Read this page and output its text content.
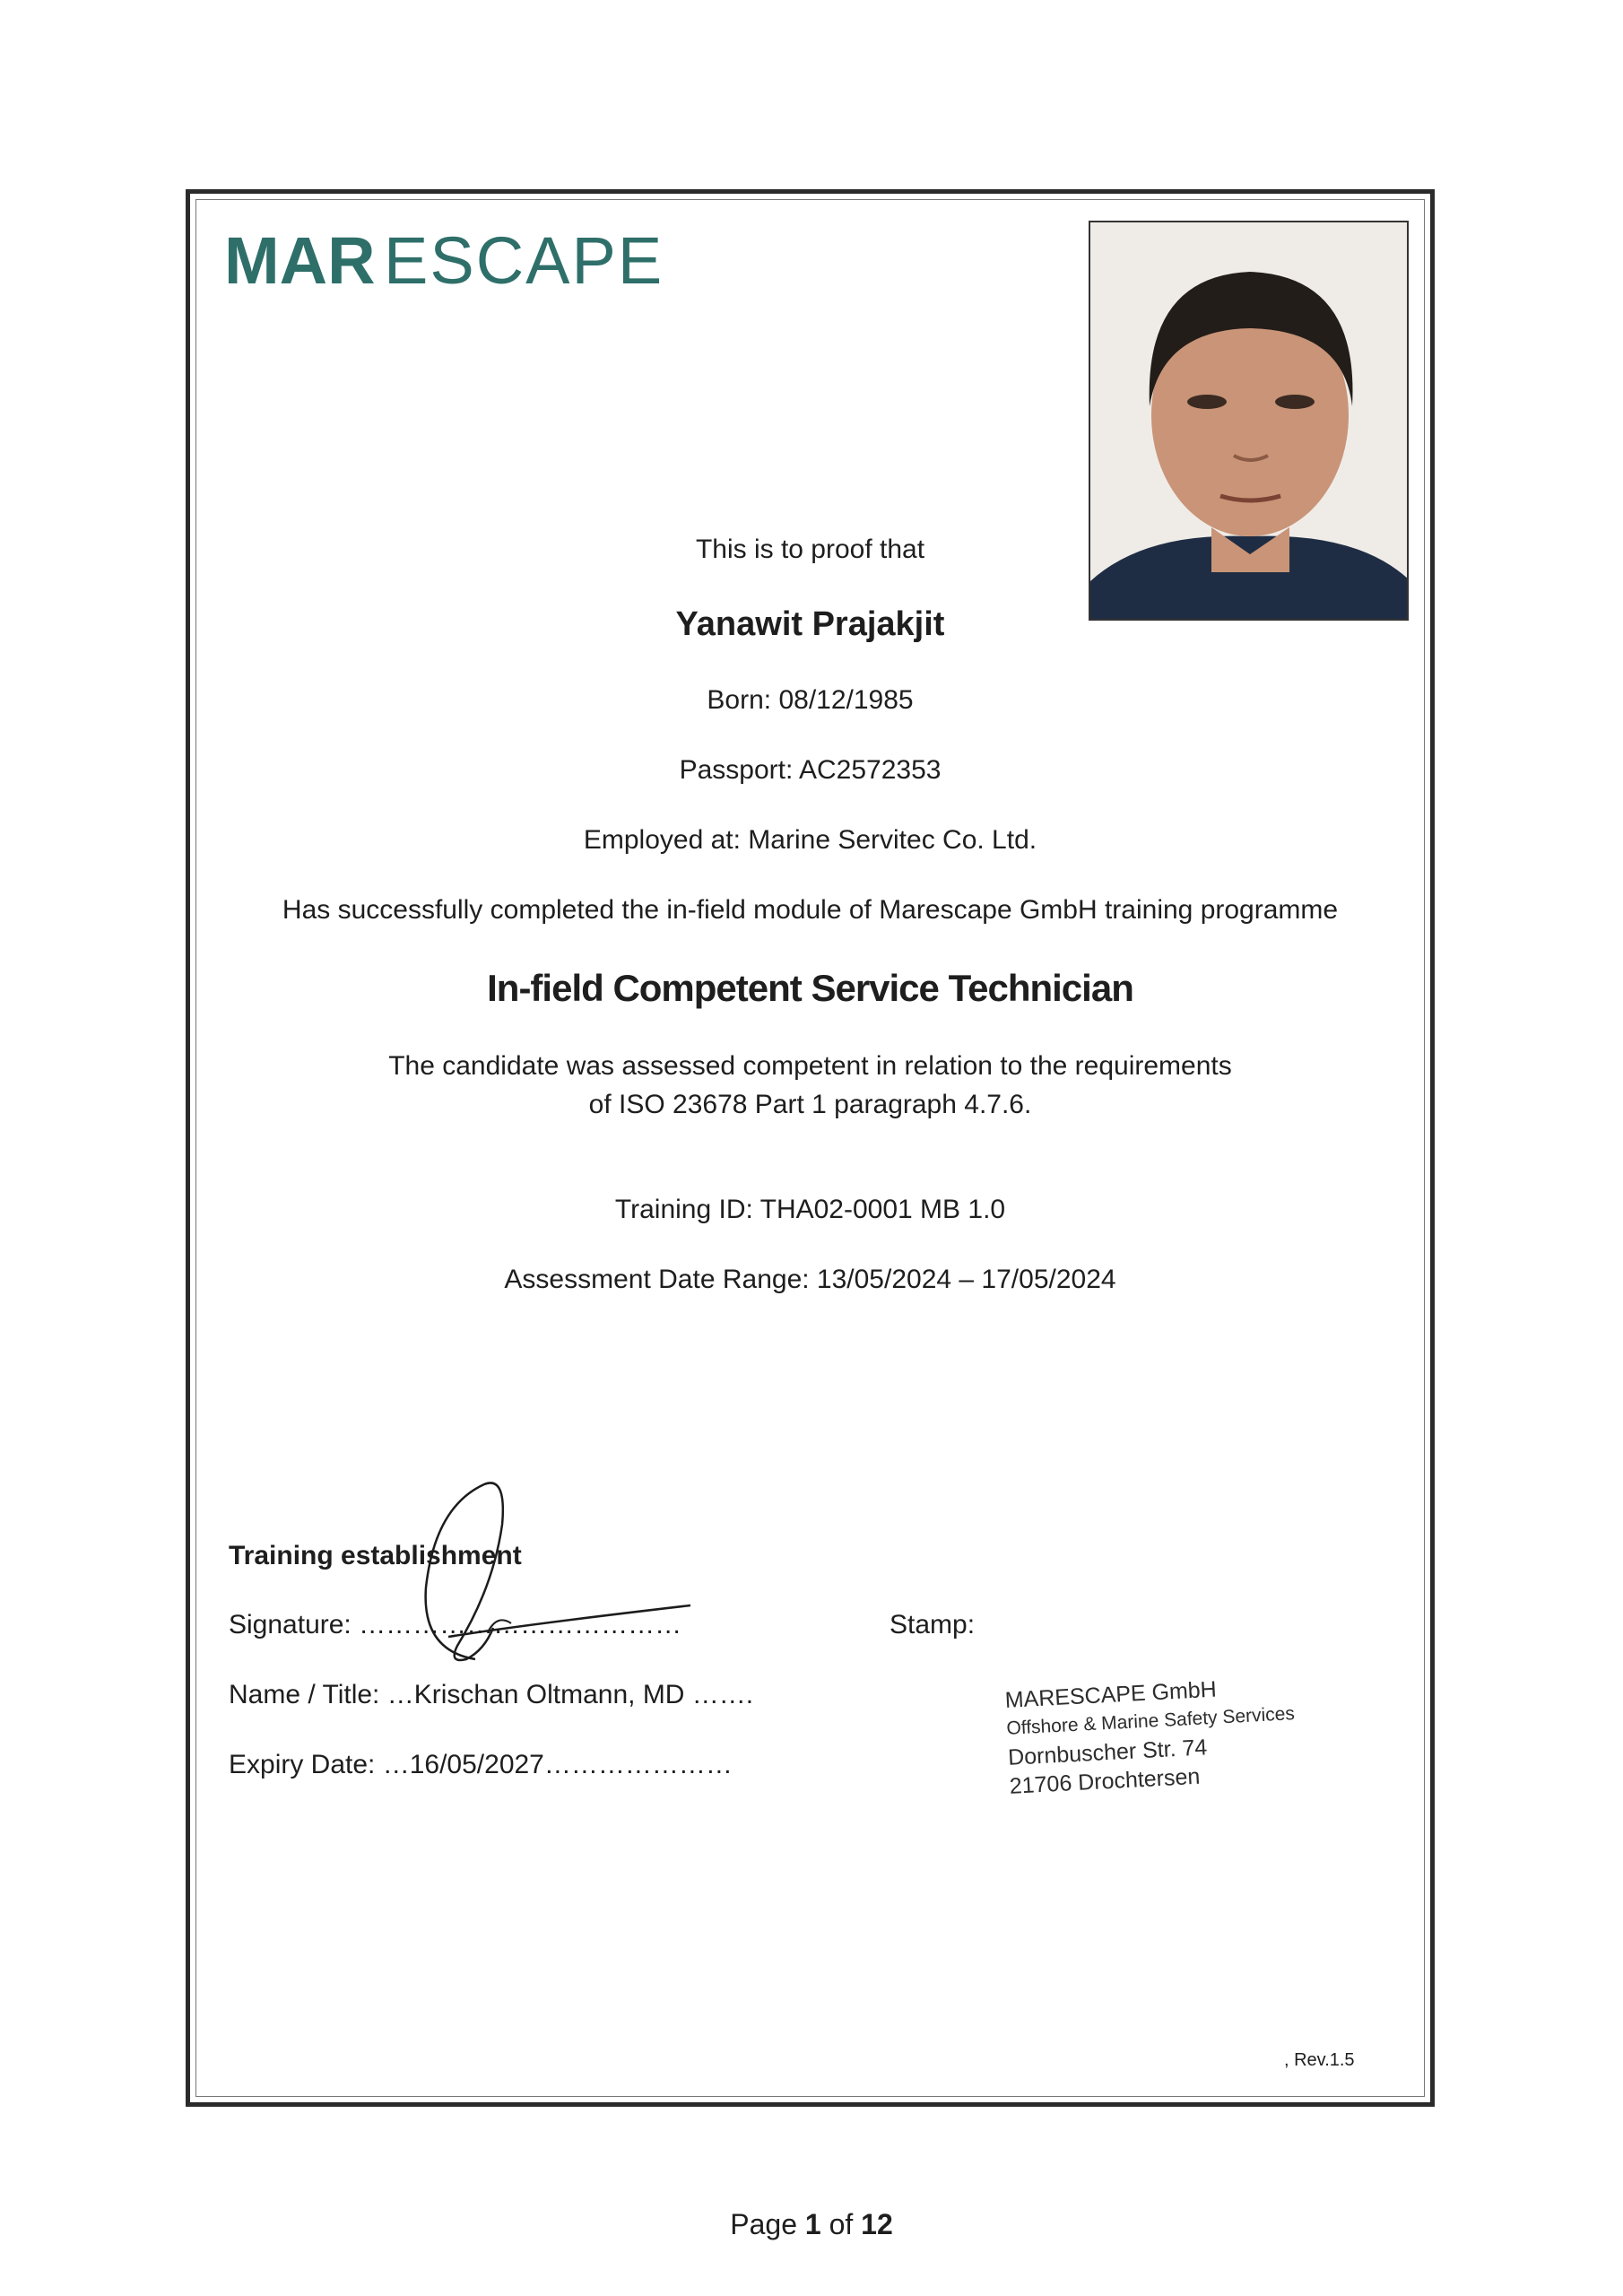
MAR ESCAPE
This is to proof that
Yanawit Prajakjit
Born: 08/12/1985
Passport: AC2572353
Employed at: Marine Servitec Co. Ltd.
Has successfully completed the in-field module of Marescape GmbH training programme
In-field Competent Service Technician
The candidate was assessed competent in relation to the requirements
of ISO 23678 Part 1 paragraph 4.7.6.
Training ID: THA02-0001 MB 1.0
Assessment Date Range: 13/05/2024 – 17/05/2024
Training establishment
Signature: ………………………………
Name / Title: …Krischan Oltmann, MD …….
Expiry Date: …16/05/2027…………………
Stamp:
MARESCAPE GmbH
Offshore & Marine Safety Services
Dornbuscher Str. 74
21706 Drochtersen
, Rev.1.5
Page 1 of 12
